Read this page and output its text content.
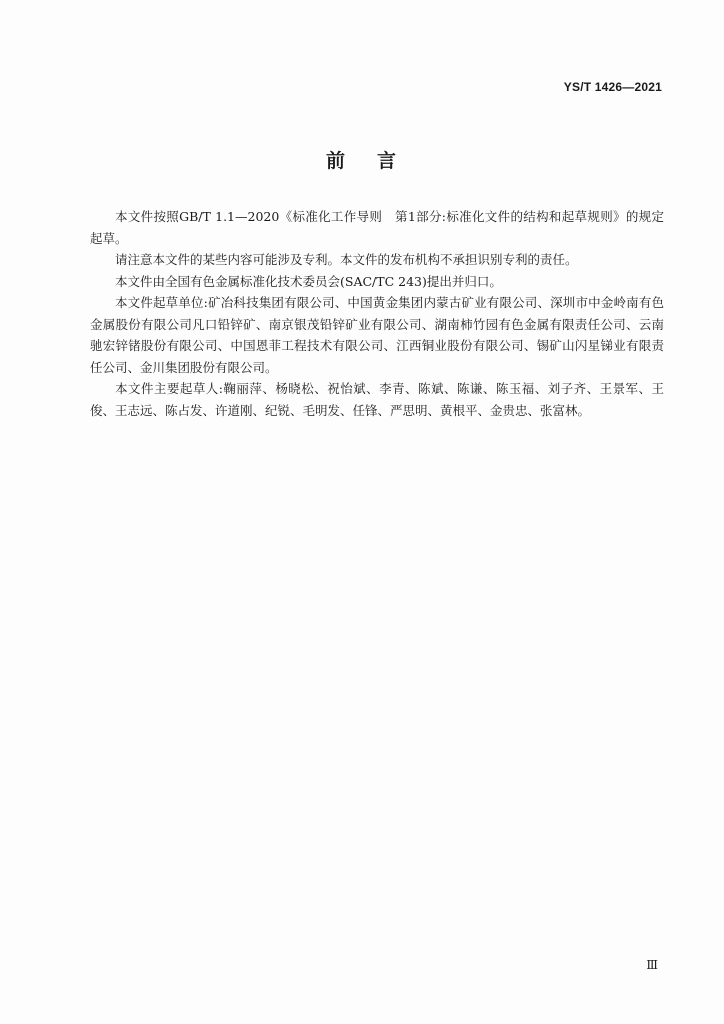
YS/T 1426—2021
前 言

本文件按照GB/T 1.1—2020《标准化工作导则　第1部分:标准化文件的结构和起草规则》的规定起草。

请注意本文件的某些内容可能涉及专利。本文件的发布机构不承担识别专利的责任。

本文件由全国有色金属标准化技术委员会(SAC/TC 243)提出并归口。

本文件起草单位:矿冶科技集团有限公司、中国黄金集团内蒙古矿业有限公司、深圳市中金岭南有色金属股份有限公司凡口铅锌矿、南京银茂铅锌矿业有限公司、湖南柿竹园有色金属有限责任公司、云南驰宏锌锗股份有限公司、中国恩菲工程技术有限公司、江西铜业股份有限公司、锡矿山闪星锑业有限责任公司、金川集团股份有限公司。

本文件主要起草人:鞠丽萍、杨晓松、祝怡斌、李青、陈斌、陈谦、陈玉福、刘子齐、王景军、王俊、王志远、陈占发、许道刚、纪锐、毛明发、任锋、严思明、黄根平、金贵忠、张富林。

Ⅲ
